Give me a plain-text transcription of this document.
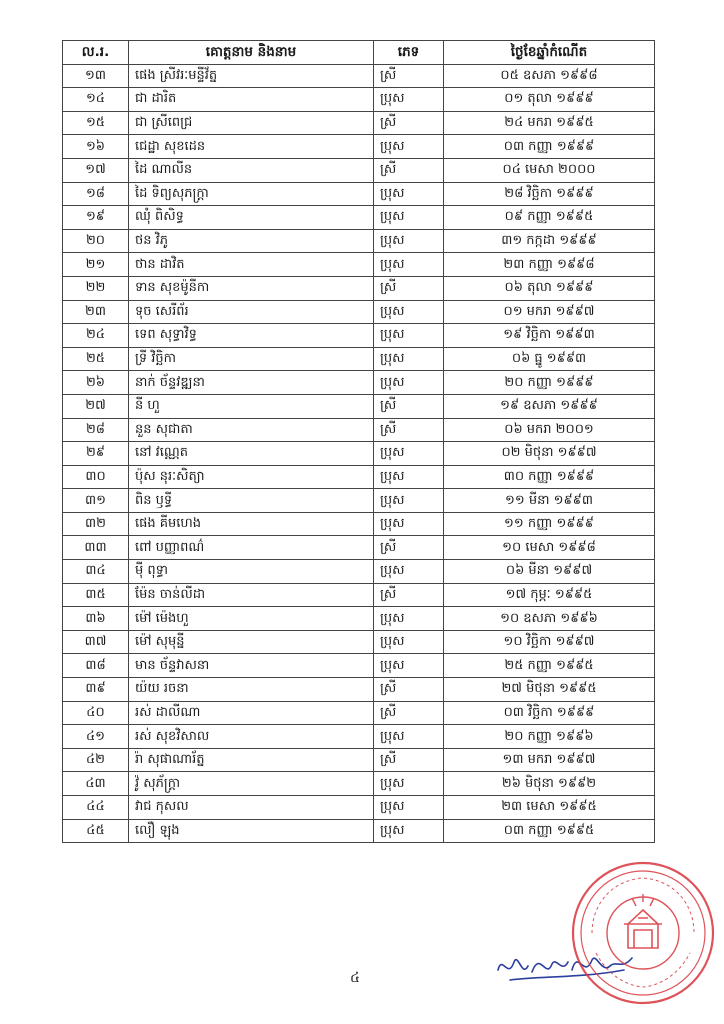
ល.រ.	គោត្តនាម និងនាម	ភេទ	ថ្ងៃខែឆ្នាំកំណើត
១៣	ផេង ស្រីវរៈមន្ទីវ័ត្ន	ស្រី	០៥ ឧសភា ១៩៩៨
១៤	ជា ដារិត	ប្រុស	០១ តុលា ១៩៩៩
១៥	ជា ស្រីពេជ្រ	ស្រី	២៤ មករា ១៩៩៥
១៦	ជេដ្ឋា សុខដេន	ប្រុស	០៣ កញ្ញា ១៩៩៩
១៧	ដៃ ណាលីន	ស្រី	០៤ មេសា ២០០០
១៨	ដៃ ទិព្យសុភក្រ្តា	ប្រុស	២៨ វិច្ឆិកា ១៩៩៩
១៩	ឈុំ ពិសិទ្ធ	ប្រុស	០៩ កញ្ញា ១៩៩៥
២០	ថន វិភូ	ប្រុស	៣១ កក្កដា ១៩៩៩
២១	ថាន ដាវិត	ប្រុស	២៣ កញ្ញា ១៩៩៨
២២	ទាន សុខម៉ូនីកា	ស្រី	០៦ តុលា ១៩៩៩
២៣	ទុច សេរីព័រ	ប្រុស	០១ មករា ១៩៩៧
២៤	ទេព សុទ្ធាវិទ្ធ	ប្រុស	១៩ វិច្ឆិកា ១៩៩៣
២៥	ទ្រី វិច្ឆិកា	ប្រុស	០៦ ធ្នូ ១៩៩៣
២៦	នាក់ ច័ន្ទវឌ្ឍនា	ប្រុស	២០ កញ្ញា ១៩៩៩
២៧	នី ហួ	ស្រី	១៩ ឧសភា ១៩៩៩
២៨	នួន សុជាតា	ស្រី	០៦ មករា ២០០១
២៩	នៅ វណ្ណេត	ប្រុស	០២ មិថុនា ១៩៩៧
៣០	ប៉ុស នុរៈសិត្យា	ប្រុស	៣០ កញ្ញា ១៩៩៩
៣១	ពិន ឫទ្ធី	ប្រុស	១១ មីនា ១៩៩៣
៣២	ផេង គីមហេង	ប្រុស	១១ កញ្ញា ១៩៩៩
៣៣	ពៅ បញ្ញាពណ៌	ស្រី	១០ មេសា ១៩៩៨
៣៤	ម៉ី ពុទ្ធា	ប្រុស	០៦ មីនា ១៩៩៧
៣៥	ម៉ែន ចាន់លីដា	ស្រី	១៧ កុម្ភៈ ១៩៩៥
៣៦	ម៉ៅ ម៉េងហួ	ប្រុស	១០ ឧសភា ១៩៩៦
៣៧	ម៉ៅ សុមុន្នី	ប្រុស	១០ វិច្ឆិកា ១៩៩៧
៣៨	មាន ច័ន្ទវាសនា	ប្រុស	២៥ កញ្ញា ១៩៩៥
៣៩	យ៉យ រចនា	ស្រី	២៧ មិថុនា ១៩៩៥
៤០	រស់ ដាលីណា	ស្រី	០៣ វិច្ឆិកា ១៩៩៩
៤១	រស់ សុខវិសាល	ប្រុស	២០ កញ្ញា ១៩៩៦
៤២	រ៉ា សុផាណារ័ត្ន	ស្រី	១៣ មករា ១៩៩៧
៤៣	វ៉ូ សុភ័ក្រ្តា	ប្រុស	២៦ មិថុនា ១៩៩២
៤៤	វាជ កុសល	ប្រុស	២៣ មេសា ១៩៩៥
៤៥	លឿ ឡុង	ប្រុស	០៣ កញ្ញា ១៩៩៥
៤
